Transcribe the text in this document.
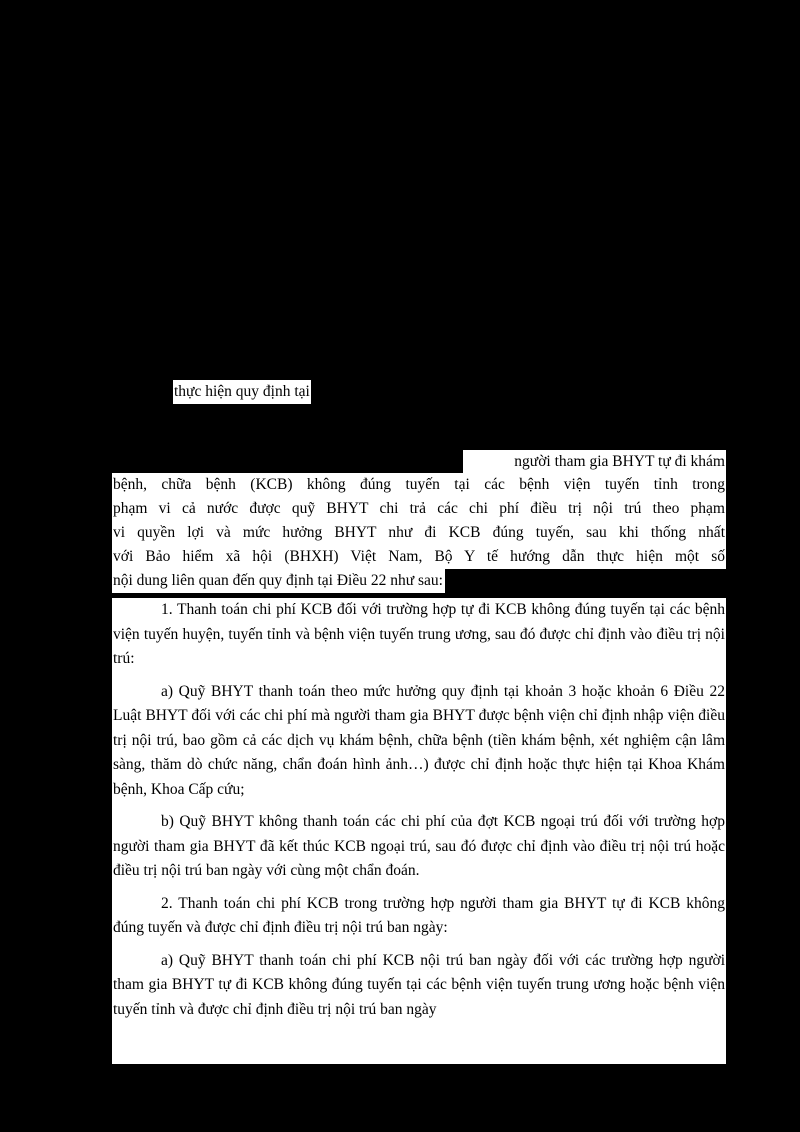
thực hiện quy định tại
người tham gia BHYT tự đi khám
bệnh, chữa bệnh (KCB) không đúng tuyến tại các bệnh viện tuyến tỉnh trong
phạm vi cả nước được quỹ BHYT chi trả các chi phí điều trị nội trú theo phạm
vi quyền lợi và mức hưởng BHYT như đi KCB đúng tuyến, sau khi thống nhất
với Bảo hiểm xã hội (BHXH) Việt Nam, Bộ Y tế hướng dẫn thực hiện một số
nội dung liên quan đến quy định tại Điều 22 như sau:

1. Thanh toán chi phí KCB đối với trường hợp tự đi KCB không đúng tuyến tại các bệnh viện tuyến huyện, tuyến tỉnh và bệnh viện tuyến trung ương, sau đó được chỉ định vào điều trị nội trú:

a) Quỹ BHYT thanh toán theo mức hưởng quy định tại khoản 3 hoặc khoản 6 Điều 22 Luật BHYT đối với các chi phí mà người tham gia BHYT được bệnh viện chỉ định nhập viện điều trị nội trú, bao gồm cả các dịch vụ khám bệnh, chữa bệnh (tiền khám bệnh, xét nghiệm cận lâm sàng, thăm dò chức năng, chẩn đoán hình ảnh…) được chỉ định hoặc thực hiện tại Khoa Khám bệnh, Khoa Cấp cứu;

b) Quỹ BHYT không thanh toán các chi phí của đợt KCB ngoại trú đối với trường hợp người tham gia BHYT đã kết thúc KCB ngoại trú, sau đó được chỉ định vào điều trị nội trú hoặc điều trị nội trú ban ngày với cùng một chẩn đoán.

2. Thanh toán chi phí KCB trong trường hợp người tham gia BHYT tự đi KCB không đúng tuyến và được chỉ định điều trị nội trú ban ngày:

a) Quỹ BHYT thanh toán chi phí KCB nội trú ban ngày đối với các trường hợp người tham gia BHYT tự đi KCB không đúng tuyến tại các bệnh viện tuyến trung ương hoặc bệnh viện tuyến tỉnh và được chỉ định điều trị nội trú ban ngày
